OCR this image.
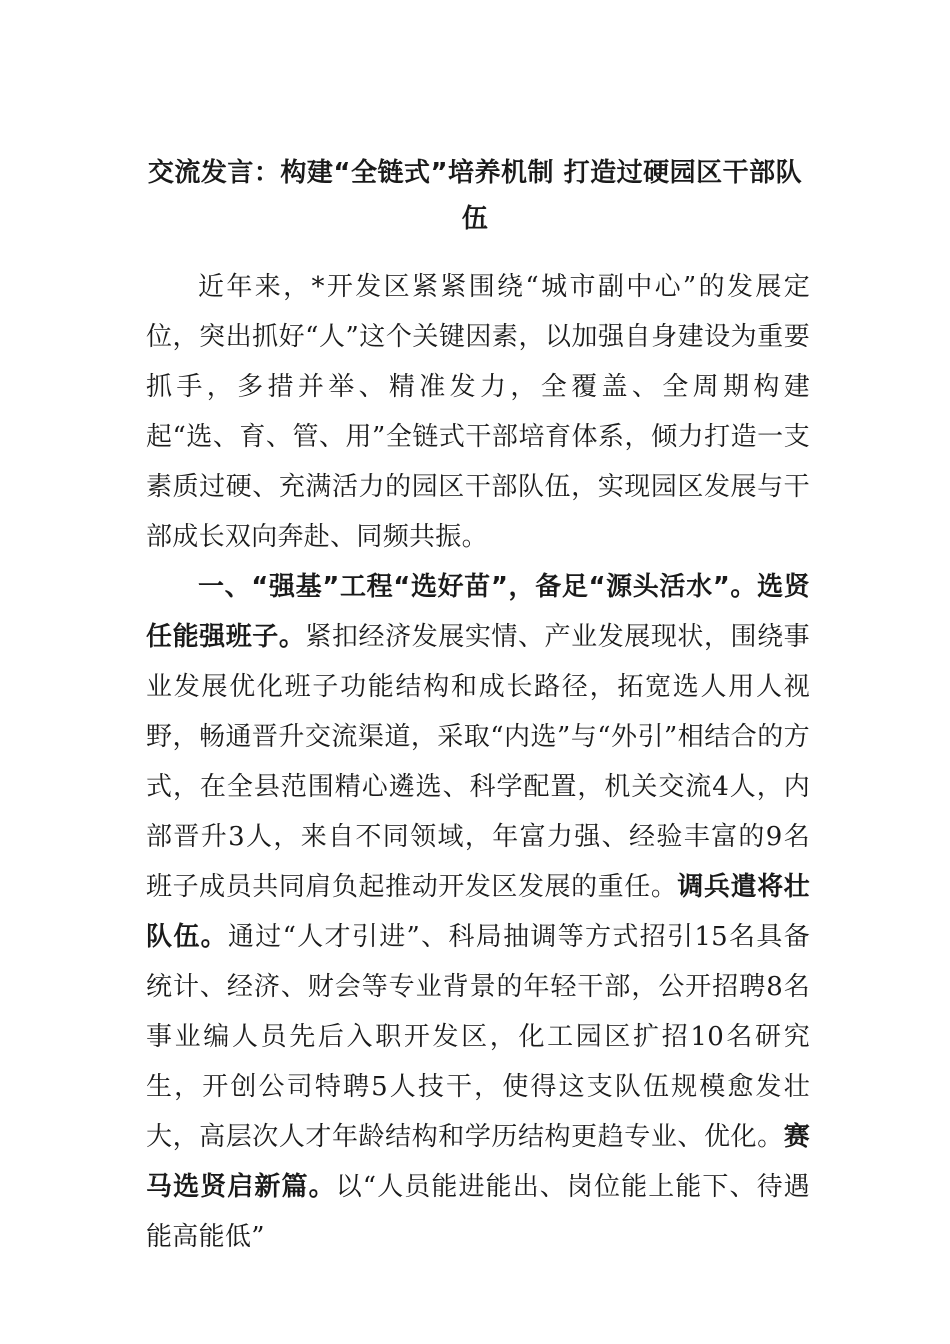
交流发言：构建“全链式”培养机制 打造过硬园区干部队伍

近年来，*开发区紧紧围绕“城市副中心”的发展定位，突出抓好“人”这个关键因素，以加强自身建设为重要抓手，多措并举、精准发力，全覆盖、全周期构建起“选、育、管、用”全链式干部培育体系，倾力打造一支素质过硬、充满活力的园区干部队伍，实现园区发展与干部成长双向奔赴、同频共振。

一、“强基”工程“选好苗”，备足“源头活水”。选贤任能强班子。紧扣经济发展实情、产业发展现状，围绕事业发展优化班子功能结构和成长路径，拓宽选人用人视野，畅通晋升交流渠道，采取“内选”与“外引”相结合的方式，在全县范围精心遴选、科学配置，机关交流4人，内部晋升3人，来自不同领域，年富力强、经验丰富的9名班子成员共同肩负起推动开发区发展的重任。调兵遣将壮队伍。通过“人才引进”、科局抽调等方式招引15名具备统计、经济、财会等专业背景的年轻干部，公开招聘8名事业编人员先后入职开发区，化工园区扩招10名研究生，开创公司特聘5人技干，使得这支队伍规模愈发壮大，高层次人才年龄结构和学历结构更趋专业、优化。赛马选贤启新篇。以“人员能进能出、岗位能上能下、待遇能高能低”
